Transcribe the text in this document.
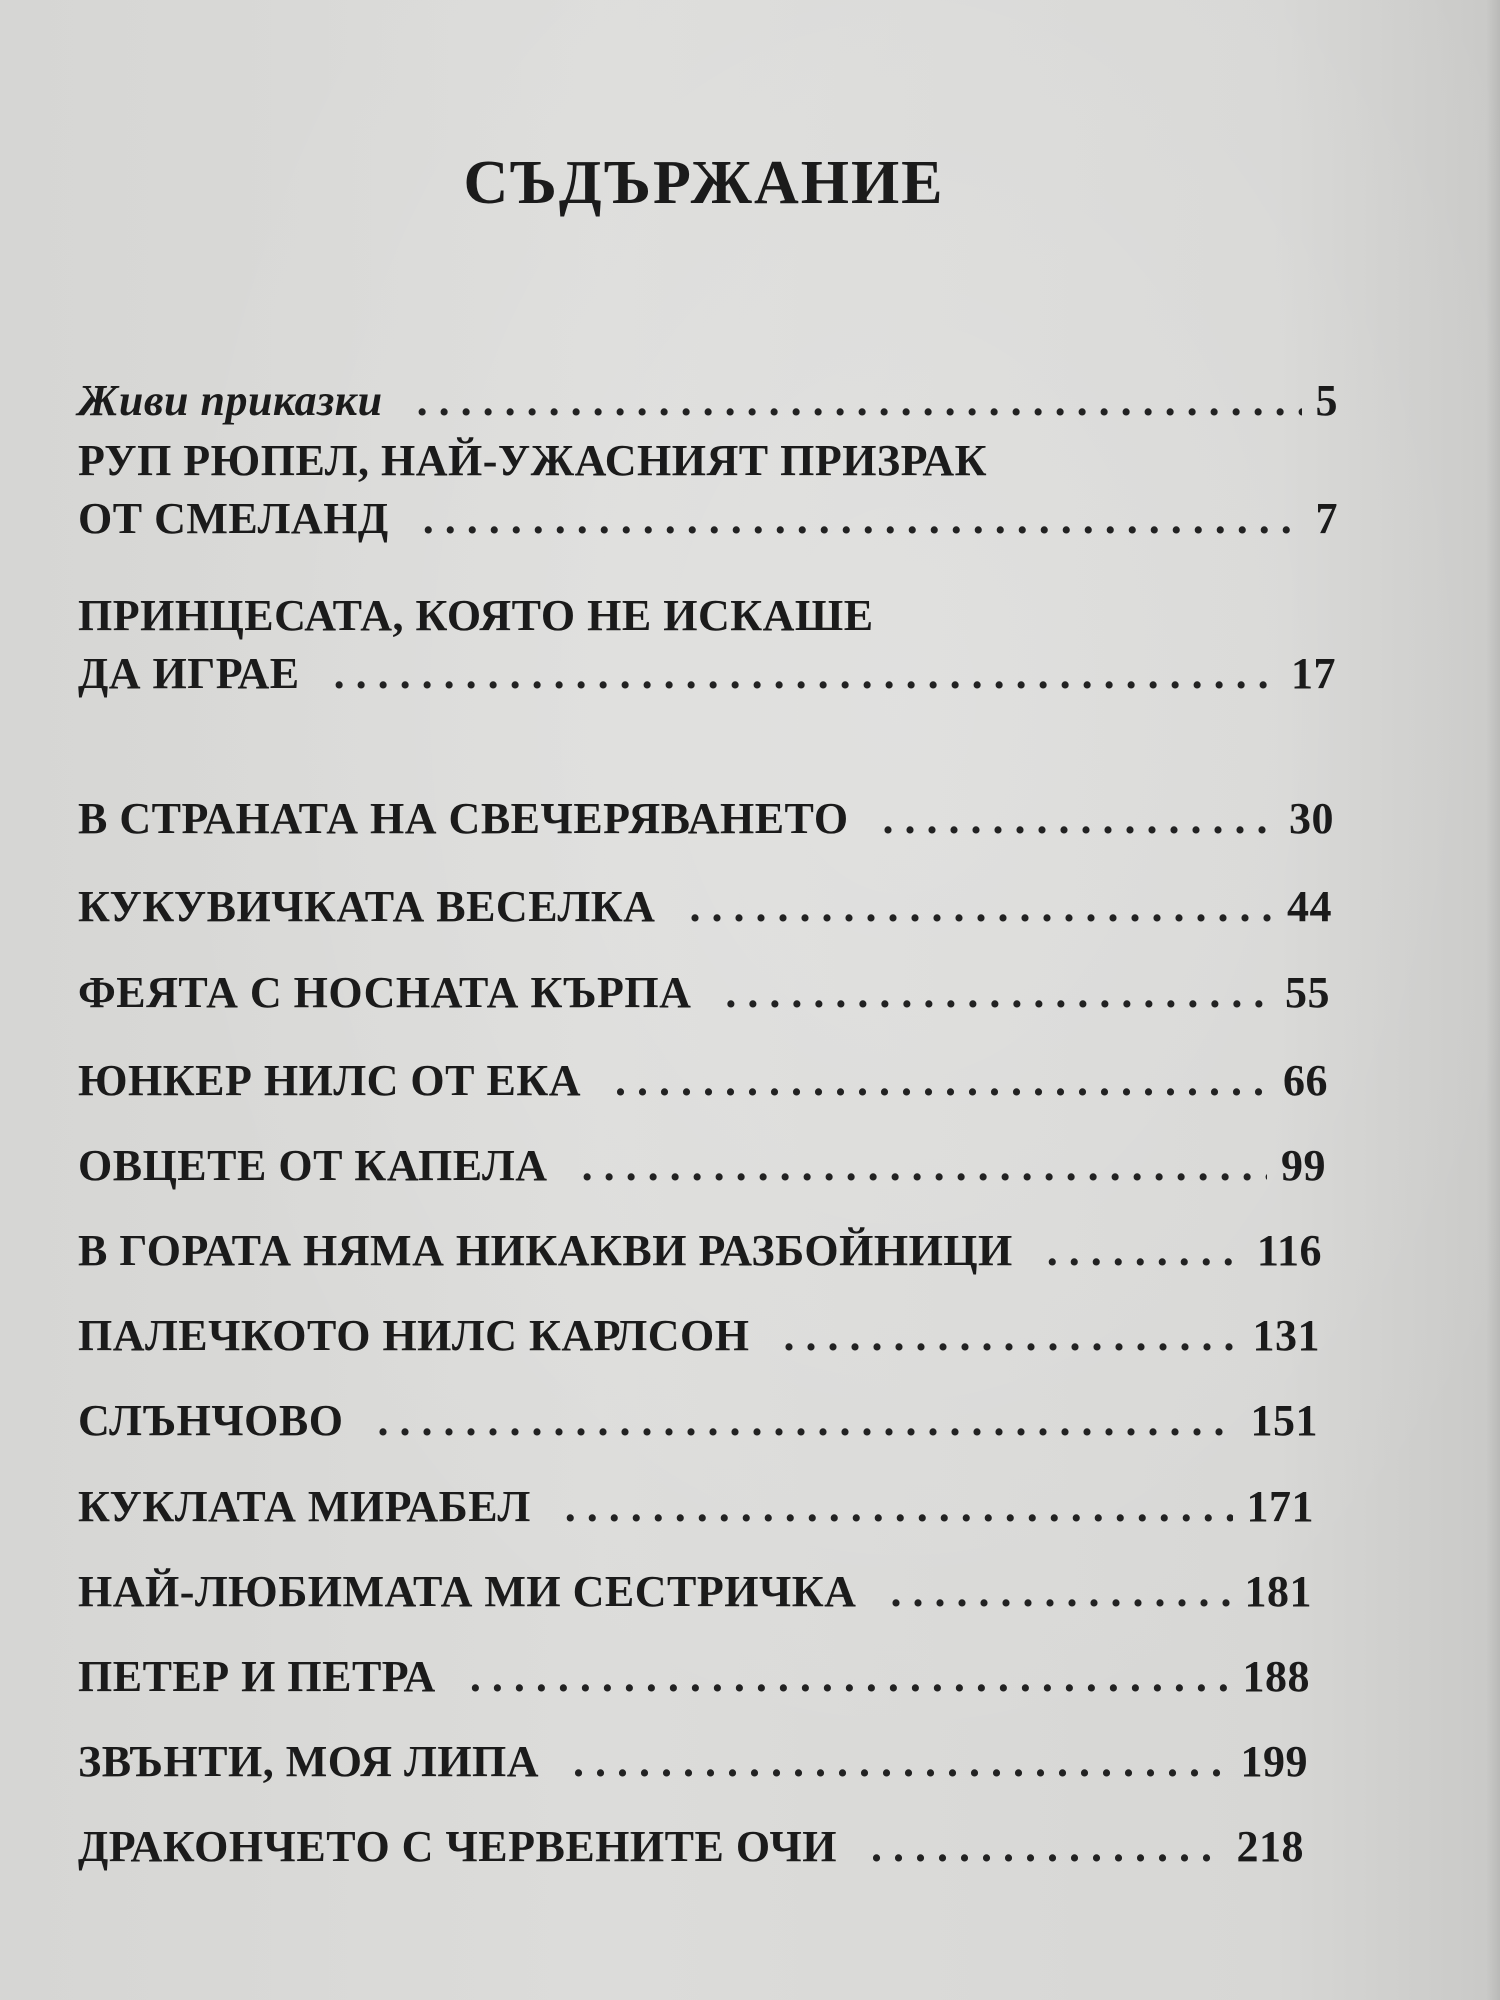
СЪДЪРЖАНИЕ
Живи приказки .....	5
РУП РЮПЕЛ, НАЙ-УЖАСНИЯТ ПРИЗРАК
ОТ СМЕЛАНД .....	7
ПРИНЦЕСАТА, КОЯТО НЕ ИСКАШЕ
ДА ИГРАЕ .....	17
В СТРАНАТА НА СВЕЧЕРЯВАНЕТО .....	30
КУКУВИЧКАТА ВЕСЕЛКА .....	44
ФЕЯТА С НОСНАТА КЪРПА .....	55
ЮНКЕР НИЛС ОТ ЕКА .....	66
ОВЦЕТЕ ОТ КАПЕЛА .....	99
В ГОРАТА НЯМА НИКАКВИ РАЗБОЙНИЦИ .....	116
ПАЛЕЧКОТО НИЛС КАРЛСОН .....	131
СЛЪНЧОВО .....	151
КУКЛАТА МИРАБЕЛ .....	171
НАЙ-ЛЮБИМАТА МИ СЕСТРИЧКА .....	181
ПЕТЕР И ПЕТРА .....	188
ЗВЪНТИ, МОЯ ЛИПА .....	199
ДРАКОНЧЕТО С ЧЕРВЕНИТЕ ОЧИ .....	218
